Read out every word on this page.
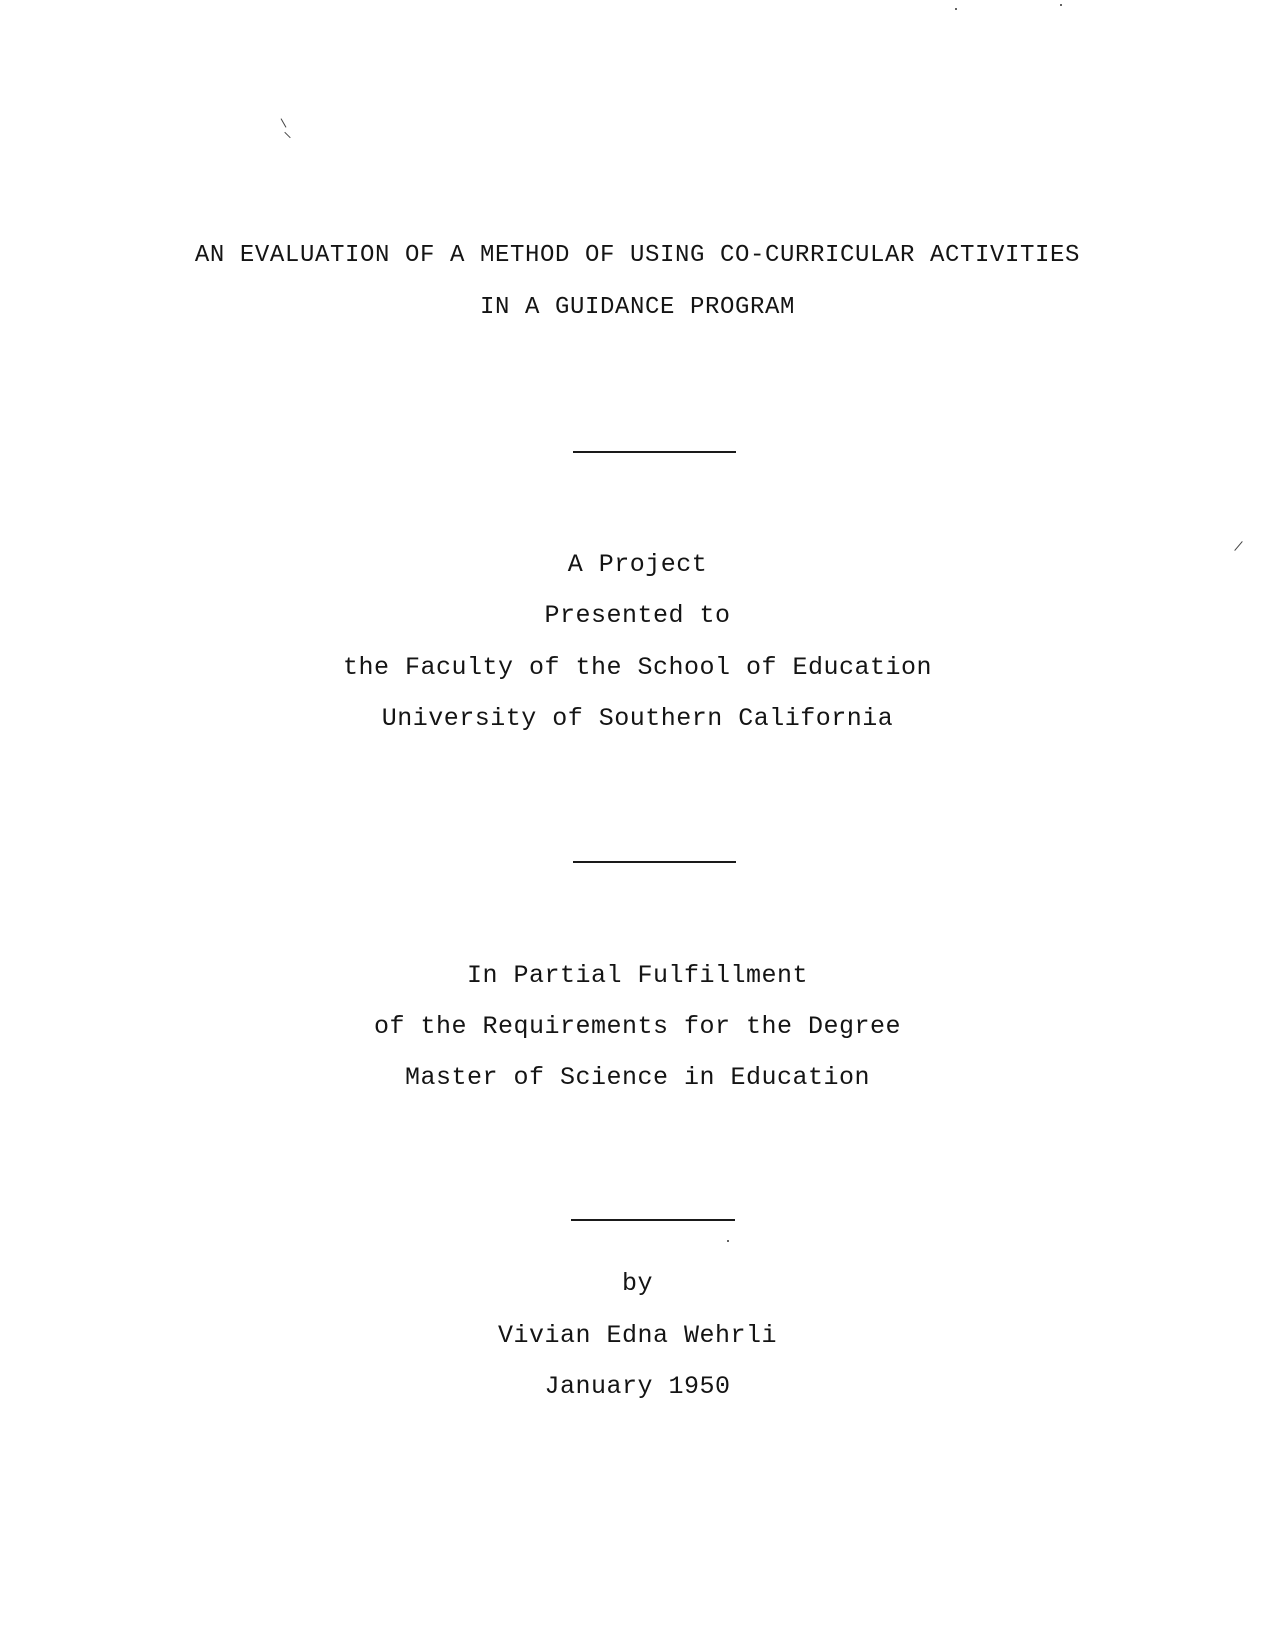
AN EVALUATION OF A METHOD OF USING CO-CURRICULAR ACTIVITIES
IN A GUIDANCE PROGRAM
A Project
Presented to
the Faculty of the School of Education
University of Southern California
In Partial Fulfillment
of the Requirements for the Degree
Master of Science in Education
by
Vivian Edna Wehrli
January 1950
